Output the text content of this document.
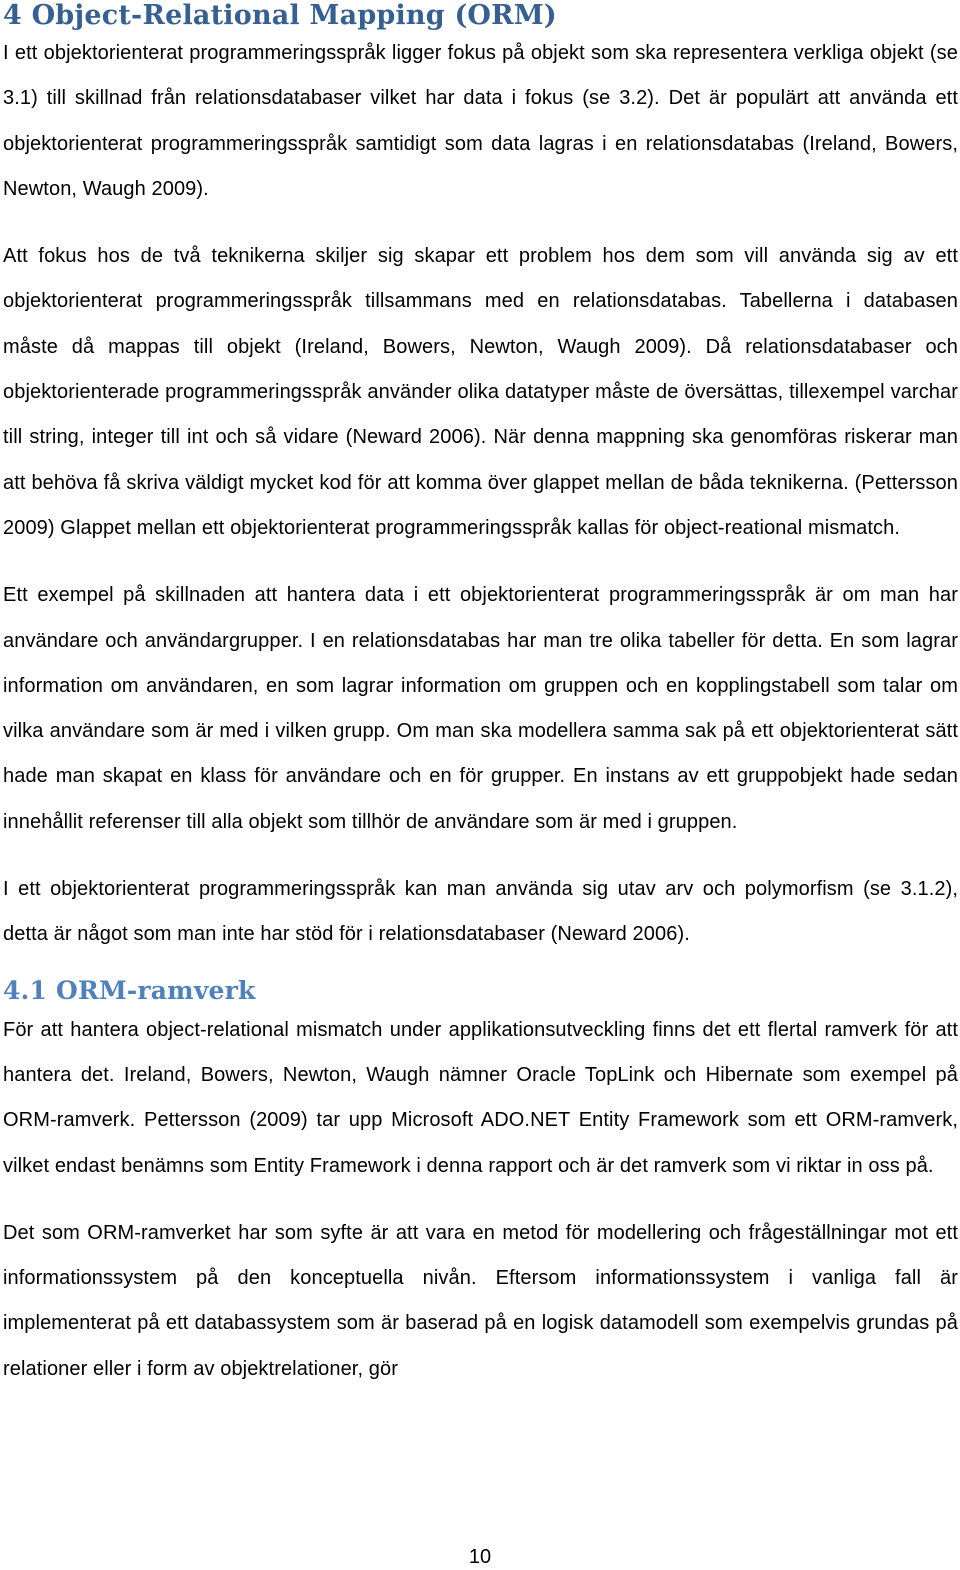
4 Object-Relational Mapping (ORM)

I ett objektorienterat programmeringsspråk ligger fokus på objekt som ska representera verkliga objekt (se 3.1) till skillnad från relationsdatabaser vilket har data i fokus (se 3.2). Det är populärt att använda ett objektorienterat programmeringsspråk samtidigt som data lagras i en relationsdatabas (Ireland, Bowers, Newton, Waugh 2009).

Att fokus hos de två teknikerna skiljer sig skapar ett problem hos dem som vill använda sig av ett objektorienterat programmeringsspråk tillsammans med en relationsdatabas. Tabellerna i databasen måste då mappas till objekt (Ireland, Bowers, Newton, Waugh 2009). Då relationsdatabaser och objektorienterade programmeringsspråk använder olika datatyper måste de översättas, tillexempel varchar till string, integer till int och så vidare (Neward 2006). När denna mappning ska genomföras riskerar man att behöva få skriva väldigt mycket kod för att komma över glappet mellan de båda teknikerna. (Pettersson 2009) Glappet mellan ett objektorienterat programmeringsspråk kallas för object-reational mismatch.

Ett exempel på skillnaden att hantera data i ett objektorienterat programmeringsspråk är om man har användare och användargrupper. I en relationsdatabas har man tre olika tabeller för detta. En som lagrar information om användaren, en som lagrar information om gruppen och en kopplingstabell som talar om vilka användare som är med i vilken grupp. Om man ska modellera samma sak på ett objektorienterat sätt hade man skapat en klass för användare och en för grupper. En instans av ett gruppobjekt hade sedan innehållit referenser till alla objekt som tillhör de användare som är med i gruppen.

I ett objektorienterat programmeringsspråk kan man använda sig utav arv och polymorfism (se 3.1.2), detta är något som man inte har stöd för i relationsdatabaser (Neward 2006).

4.1 ORM-ramverk

För att hantera object-relational mismatch under applikationsutveckling finns det ett flertal ramverk för att hantera det. Ireland, Bowers, Newton, Waugh nämner Oracle TopLink och Hibernate som exempel på ORM-ramverk. Pettersson (2009) tar upp Microsoft ADO.NET Entity Framework som ett ORM-ramverk, vilket endast benämns som Entity Framework i denna rapport och är det ramverk som vi riktar in oss på.

Det som ORM-ramverket har som syfte är att vara en metod för modellering och frågeställningar mot ett informationssystem på den konceptuella nivån. Eftersom informationssystem i vanliga fall är implementerat på ett databassystem som är baserad på en logisk datamodell som exempelvis grundas på relationer eller i form av objektrelationer, gör

10
